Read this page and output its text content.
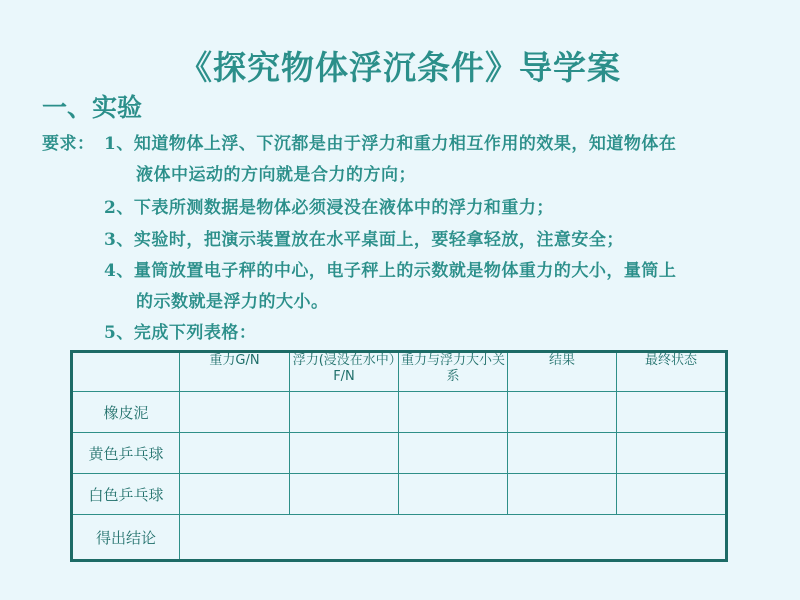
《探究物体浮沉条件》导学案
一、实验
要求： 1、知道物体上浮、下沉都是由于浮力和重力相互作用的效果，知道物体在
液体中运动的方向就是合力的方向；
2、下表所测数据是物体必须浸没在液体中的浮力和重力；
3、实验时，把演示装置放在水平桌面上，要轻拿轻放，注意安全；
4、量筒放置电子秤的中心，电子秤上的示数就是物体重力的大小，量筒上
的示数就是浮力的大小。
5、完成下列表格：
	重力G/N	浮力(浸没在水中）F/N	重力与浮力大小关系	结果	最终状态
橡皮泥					
黄色乒乓球					
白色乒乓球					
得出结论					
